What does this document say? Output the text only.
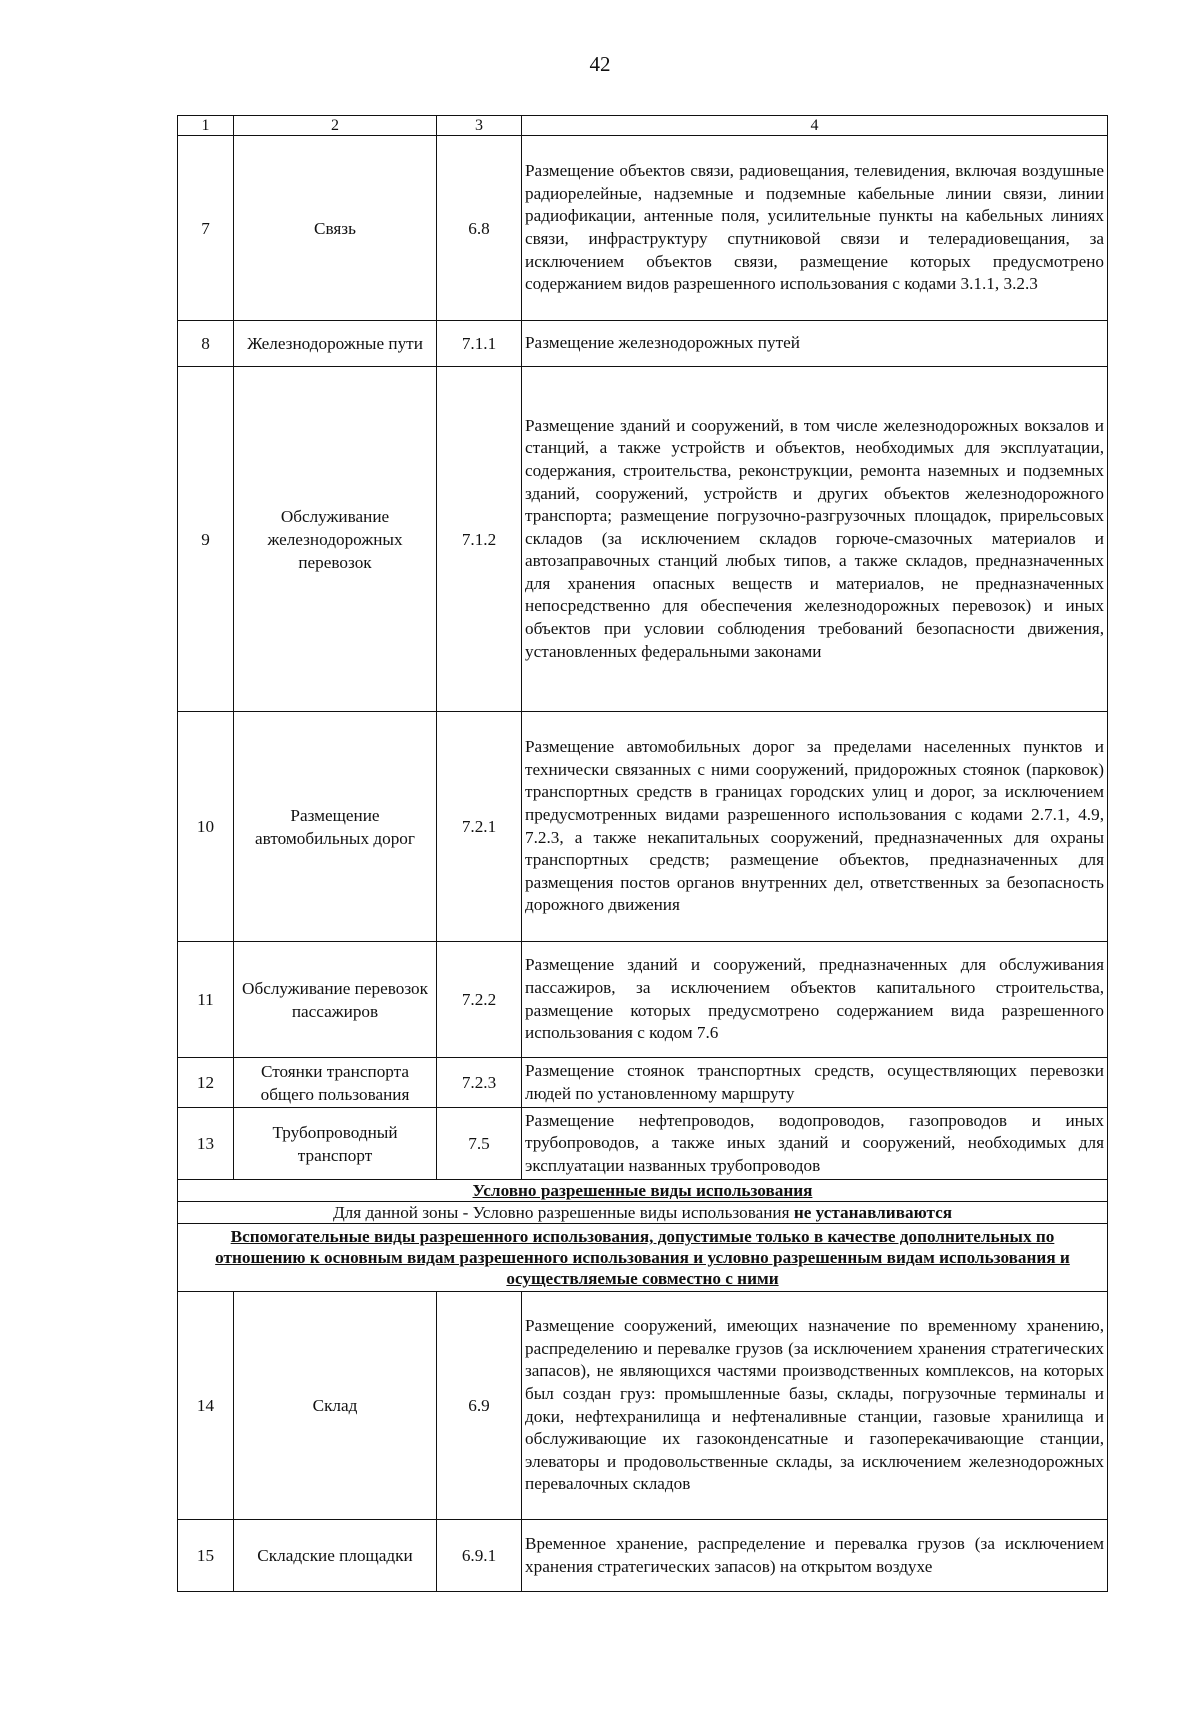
42
1	2	3	4
7	Связь	6.8	Размещение объектов связи, радиовещания, телевидения, включая воздушные радиорелейные, надземные и подземные кабельные линии связи, линии радиофикации, антенные поля, усилительные пункты на кабельных линиях связи, инфраструктуру спутниковой связи и телерадиовещания, за исключением объектов связи, размещение которых предусмотрено содержанием видов разрешенного использования с кодами 3.1.1, 3.2.3
8	Железнодорожные пути	7.1.1	Размещение железнодорожных путей
9	Обслуживание железнодорожных перевозок	7.1.2	Размещение зданий и сооружений, в том числе железнодорожных вокзалов и станций, а также устройств и объектов, необходимых для эксплуатации, содержания, строительства, реконструкции, ремонта наземных и подземных зданий, сооружений, устройств и других объектов железнодорожного транспорта; размещение погрузочно-разгрузочных площадок, прирельсовых складов (за исключением складов горюче-смазочных материалов и автозаправочных станций любых типов, а также складов, предназначенных для хранения опасных веществ и материалов, не предназначенных непосредственно для обеспечения железнодорожных перевозок) и иных объектов при условии соблюдения требований безопасности движения, установленных федеральными законами
10	Размещение автомобильных дорог	7.2.1	Размещение автомобильных дорог за пределами населенных пунктов и технически связанных с ними сооружений, придорожных стоянок (парковок) транспортных средств в границах городских улиц и дорог, за исключением предусмотренных видами разрешенного использования с кодами 2.7.1, 4.9, 7.2.3, а также некапитальных сооружений, предназначенных для охраны транспортных средств; размещение объектов, предназначенных для размещения постов органов внутренних дел, ответственных за безопасность дорожного движения
11	Обслуживание перевозок пассажиров	7.2.2	Размещение зданий и сооружений, предназначенных для обслуживания пассажиров, за исключением объектов капитального строительства, размещение которых предусмотрено содержанием вида разрешенного использования с кодом 7.6
12	Стоянки транспорта общего пользования	7.2.3	Размещение стоянок транспортных средств, осуществляющих перевозки людей по установленному маршруту
13	Трубопроводный транспорт	7.5	Размещение нефтепроводов, водопроводов, газопроводов и иных трубопроводов, а также иных зданий и сооружений, необходимых для эксплуатации названных трубопроводов
Условно разрешенные виды использования			
Для данной зоны - Условно разрешенные виды использования не устанавливаются			
Вспомогательные виды разрешенного использования, допустимые только в качестве дополнительных по отношению к основным видам разрешенного использования и условно разрешенным видам использования и осуществляемые совместно с ними			
14	Склад	6.9	Размещение сооружений, имеющих назначение по временному хранению, распределению и перевалке грузов (за исключением хранения стратегических запасов), не являющихся частями производственных комплексов, на которых был создан груз: промышленные базы, склады, погрузочные терминалы и доки, нефтехранилища и нефтеналивные станции, газовые хранилища и обслуживающие их газоконденсатные и газоперекачивающие станции, элеваторы и продовольственные склады, за исключением железнодорожных перевалочных складов
15	Складские площадки	6.9.1	Временное хранение, распределение и перевалка грузов (за исключением хранения стратегических запасов) на открытом воздухе
